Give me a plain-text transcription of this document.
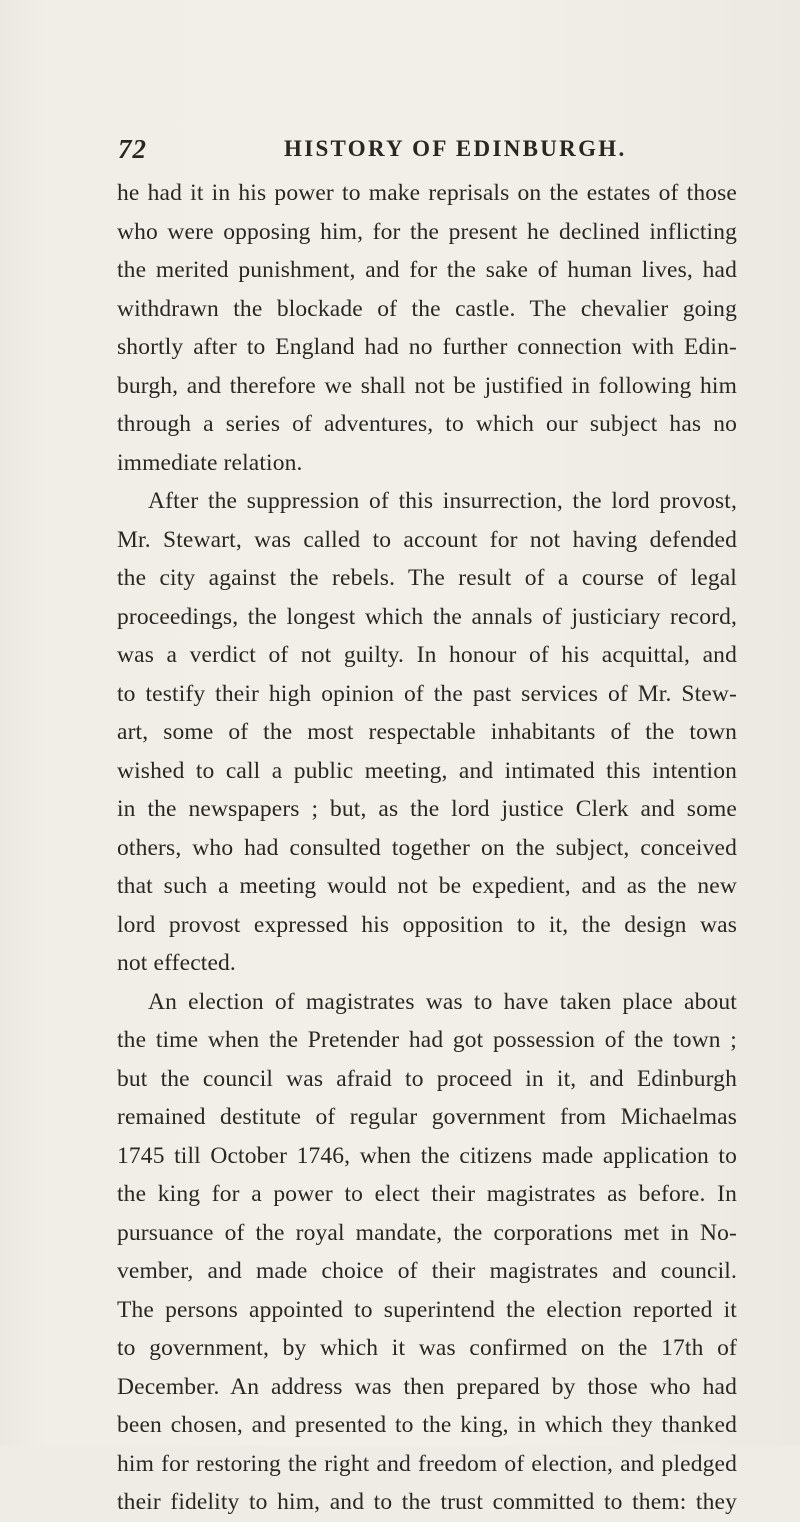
72	HISTORY OF EDINBURGH.
he had it in his power to make reprisals on the estates of those
who were opposing him, for the present he declined inflicting
the merited punishment, and for the sake of human lives, had
withdrawn the blockade of the castle. The chevalier going
shortly after to England had no further connection with Edin-
burgh, and therefore we shall not be justified in following him
through a series of adventures, to which our subject has no
immediate relation.
After the suppression of this insurrection, the lord provost,
Mr. Stewart, was called to account for not having defended
the city against the rebels. The result of a course of legal
proceedings, the longest which the annals of justiciary record,
was a verdict of not guilty. In honour of his acquittal, and
to testify their high opinion of the past services of Mr. Stew-
art, some of the most respectable inhabitants of the town
wished to call a public meeting, and intimated this intention
in the newspapers ; but, as the lord justice Clerk and some
others, who had consulted together on the subject, conceived
that such a meeting would not be expedient, and as the new
lord provost expressed his opposition to it, the design was
not effected.
An election of magistrates was to have taken place about
the time when the Pretender had got possession of the town ;
but the council was afraid to proceed in it, and Edinburgh
remained destitute of regular government from Michaelmas
1745 till October 1746, when the citizens made application to
the king for a power to elect their magistrates as before. In
pursuance of the royal mandate, the corporations met in No-
vember, and made choice of their magistrates and council.
The persons appointed to superintend the election reported it
to government, by which it was confirmed on the 17th of
December. An address was then prepared by those who had
been chosen, and presented to the king, in which they thanked
him for restoring the right and freedom of election, and pledged
their fidelity to him, and to the trust committed to them: they
